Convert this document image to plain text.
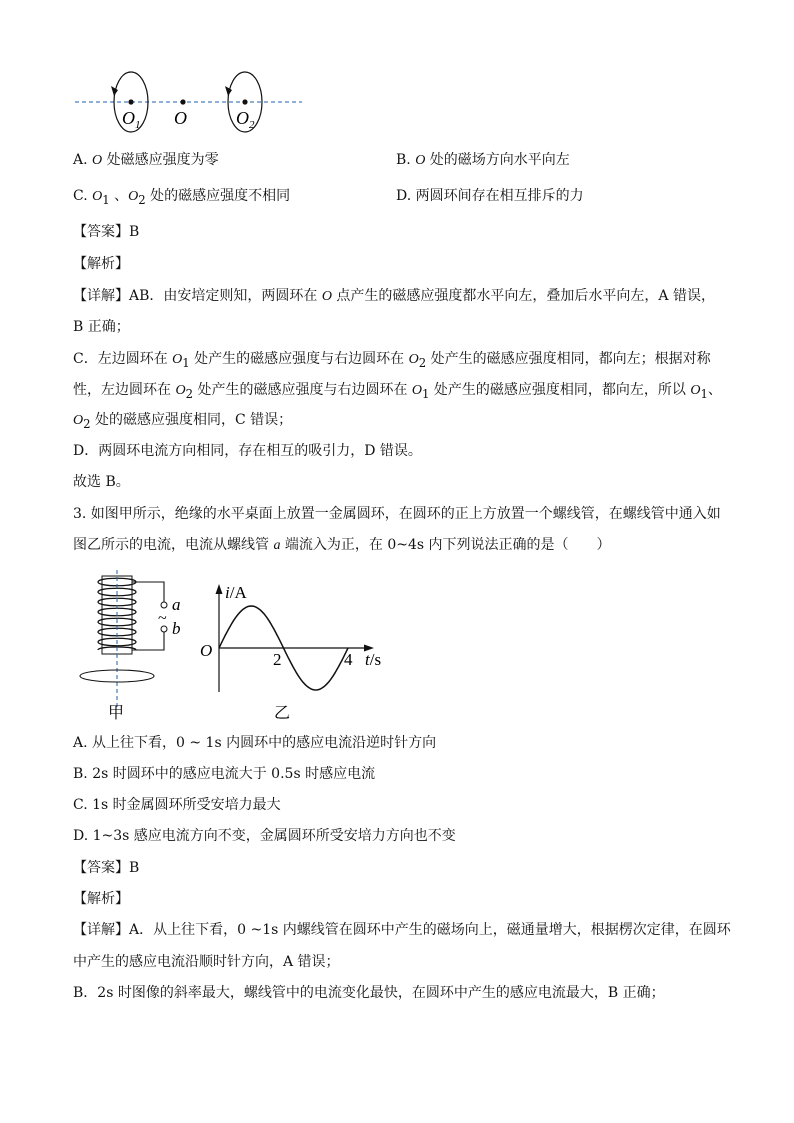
$O_1$ O	$O_2$
A. O 处磁感应强度为零	B. O 处的磁场方向水平向左
C. $O_1$ 、$O_2$ 处的磁感应强度不相同	D. 两圆环间存在相互排斥的力
【答案】B
【解析】
【详解】AB．由安培定则知，两圆环在 O 点产生的磁感应强度都水平向左，叠加后水平向左，A 错误，
B 正确；
C．左边圆环在 $O_1$ 处产生的磁感应强度与右边圆环在 $O_2$ 处产生的磁感应强度相同，都向左；根据对称
性，左边圆环在 $O_2$ 处产生的磁感应强度与右边圆环在 $O_1$ 处产生的磁感应强度相同，都向左，所以 $O_1$、
$O_2$ 处的磁感应强度相同，C 错误；
D．两圆环电流方向相同，存在相互的吸引力，D 错误。
故选 B。
3. 如图甲所示，绝缘的水平桌面上放置一金属圆环，在圆环的正上方放置一个螺线管，在螺线管中通入如
图乙所示的电流，电流从螺线管 a 端流入为正，在 0~4s 内下列说法正确的是（　　）
a
~
b
甲
i/A
O	2	4 t/s
乙
A. 从上往下看，0 ~ 1s 内圆环中的感应电流沿逆时针方向
B. 2s 时圆环中的感应电流大于 0.5s 时感应电流
C. 1s 时金属圆环所受安培力最大
D. 1~3s 感应电流方向不变，金属圆环所受安培力方向也不变
【答案】B
【解析】
【详解】A．从上往下看，0 ~1s 内螺线管在圆环中产生的磁场向上，磁通量增大，根据楞次定律，在圆环
中产生的感应电流沿顺时针方向，A 错误；
B．2s 时图像的斜率最大，螺线管中的电流变化最快，在圆环中产生的感应电流最大，B 正确；
